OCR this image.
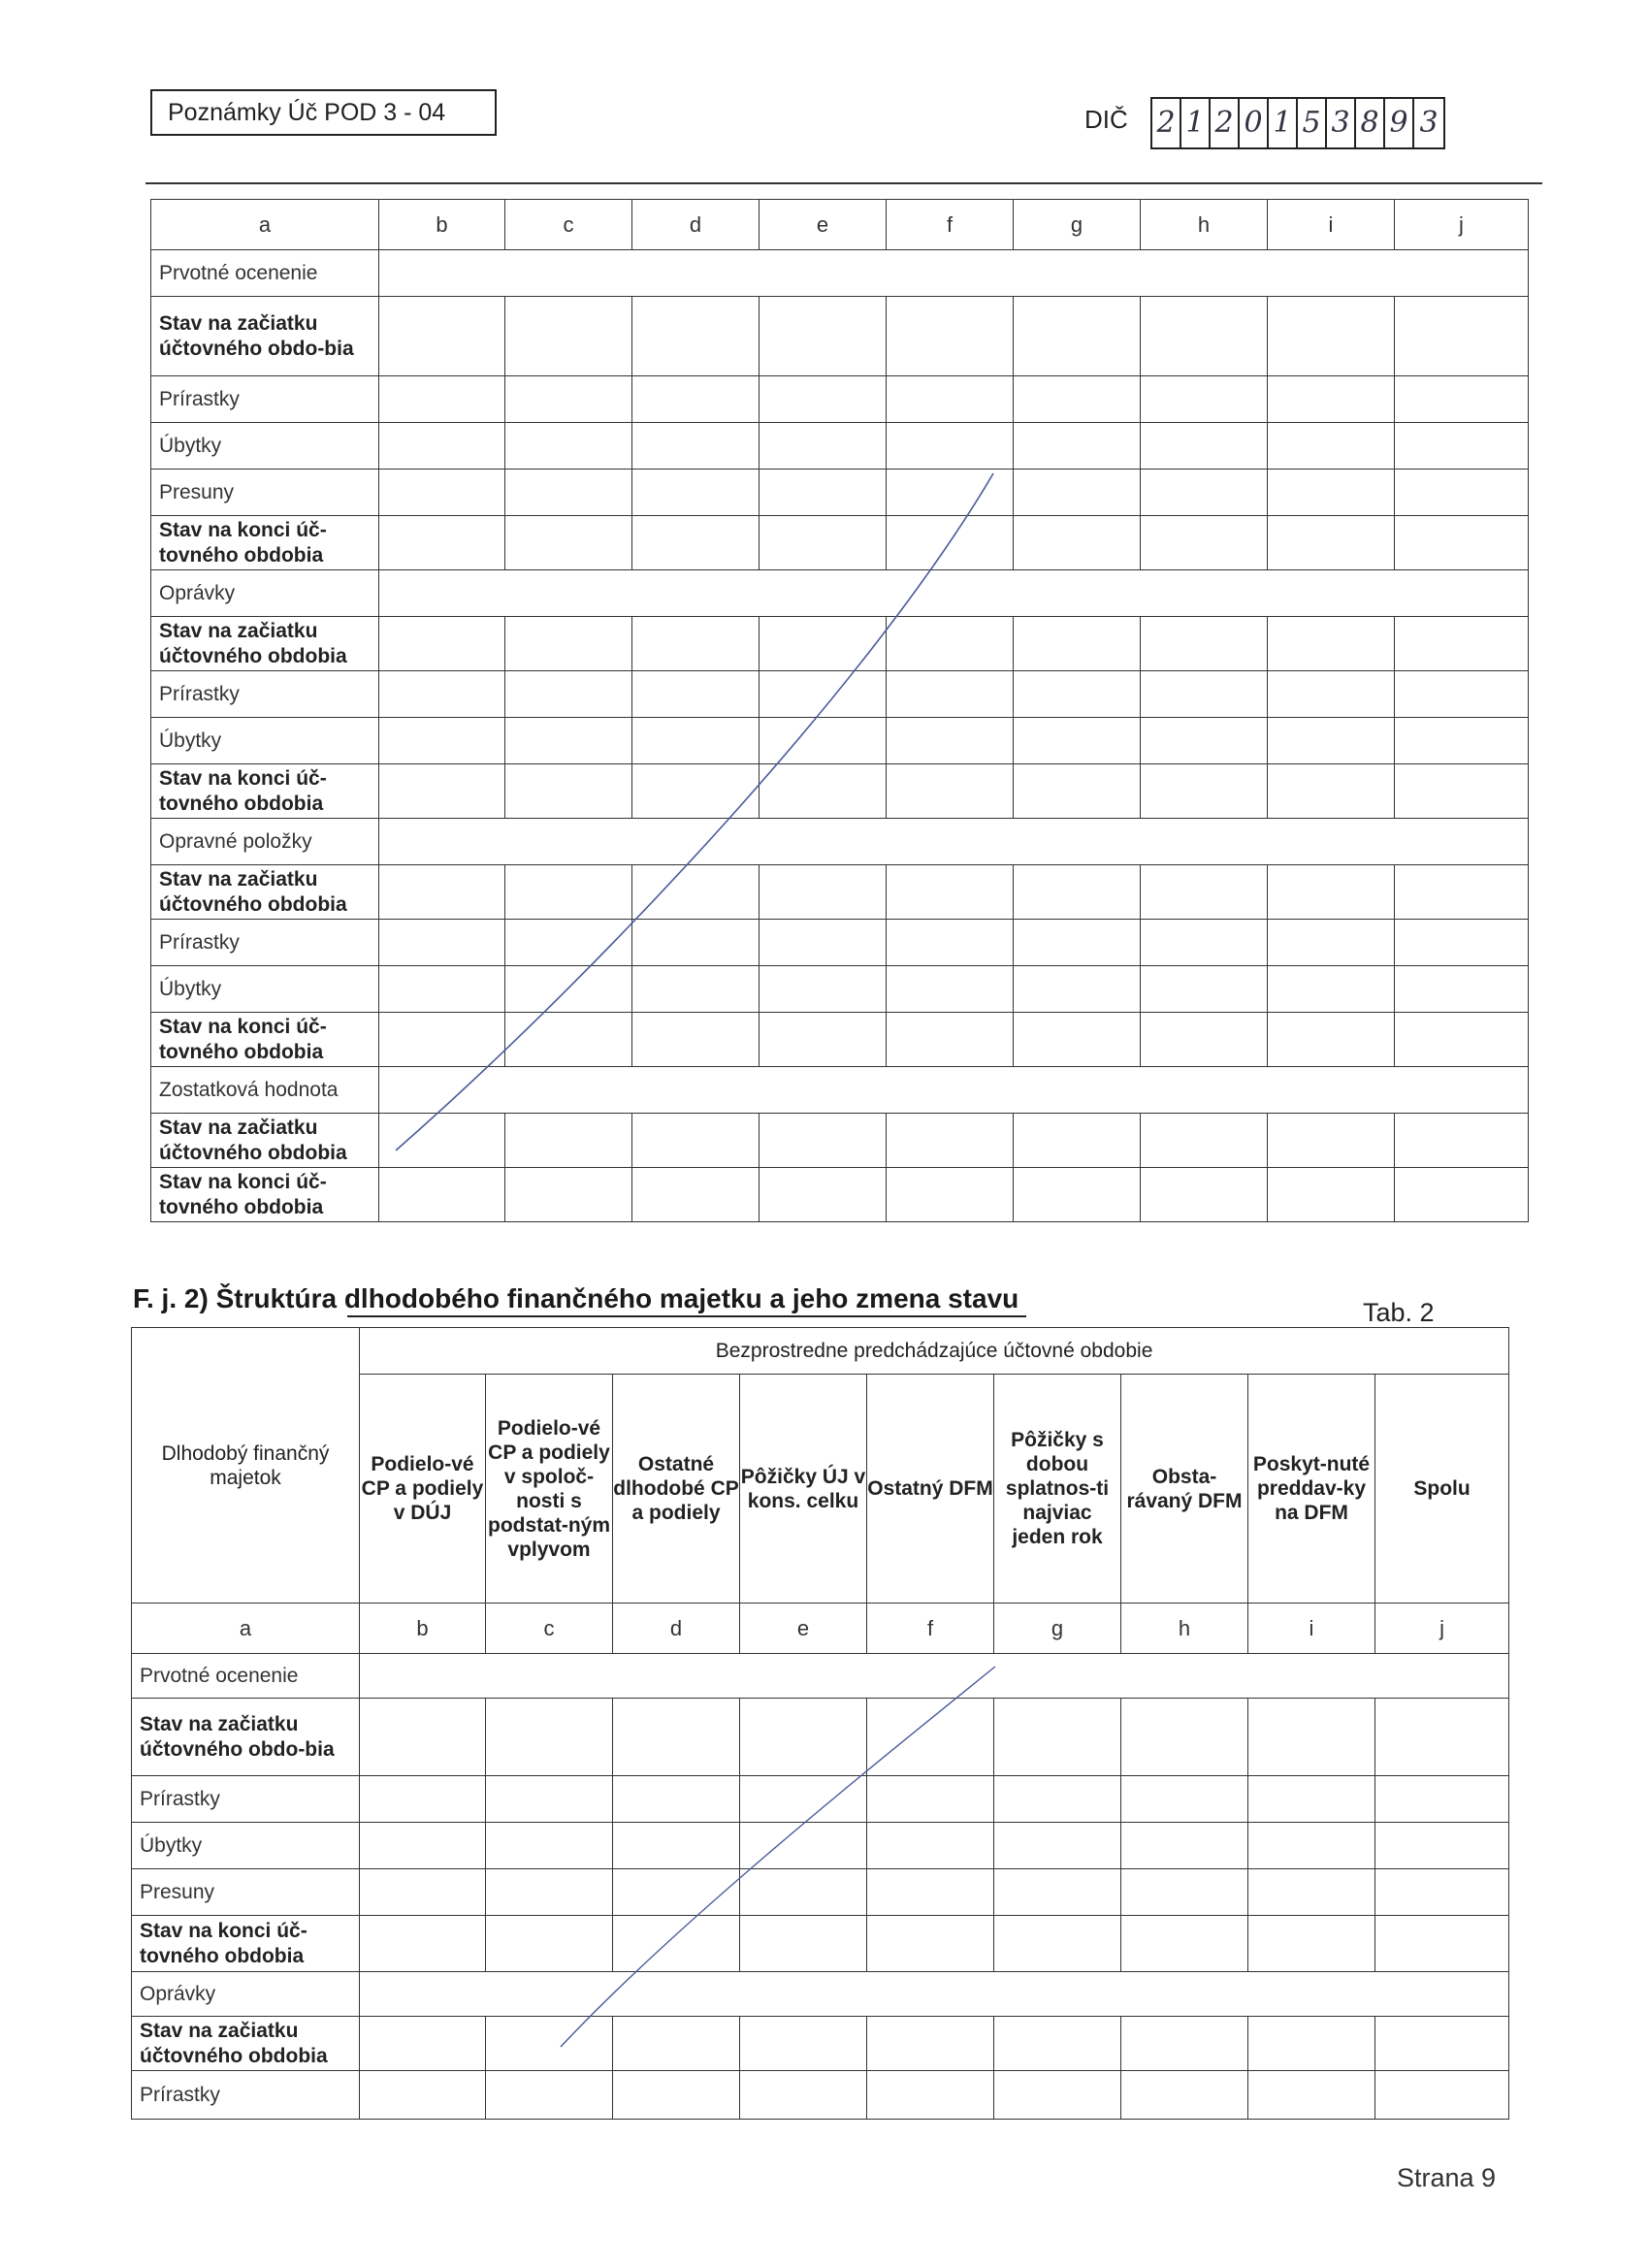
Poznámky Úč POD 3 - 04	DIČ 2 1 2 0 1 5 3 8 9 3
a	b	c	d	e	f	g	h	i	j
Prvotné ocenenie									
Stav na začiatku účtovného obdo-bia									
Prírastky									
Úbytky									
Presuny									
Stav na konci úč-tovného obdobia									
Oprávky									
Stav na začiatku účtovného obdobia									
Prírastky									
Úbytky									
Stav na konci úč-tovného obdobia									
Opravné položky									
Stav na začiatku účtovného obdobia									
Prírastky									
Úbytky									
Stav na konci úč-tovného obdobia									
Zostatková hodnota									
Stav na začiatku účtovného obdobia									
Stav na konci úč-tovného obdobia									
F. j. 2) Štruktúra dlhodobého finančného majetku a jeho zmena stavu	Tab. 2
Dlhodobý finančný majetok	Bezprostredne predchádzajúce účtovné obdobie								
	Podielo-vé CP a podiely v DÚJ	Podielo-vé CP a podiely v spoloč-nosti s podstat-ným vplyvom	Ostatné dlhodobé CP a podiely	Pôžičky ÚJ v kons. celku	Ostatný DFM	Pôžičky s dobou splatnos-ti najviac jeden rok	Obsta-rávaný DFM	Poskyt-nuté preddav-ky na DFM	Spolu
a	b	c	d	e	f	g	h	i	j
Prvotné ocenenie									
Stav na začiatku účtovného obdo-bia									
Prírastky									
Úbytky									
Presuny									
Stav na konci úč-tovného obdobia									
Oprávky									
Stav na začiatku účtovného obdobia									
Prírastky									
Strana 9
